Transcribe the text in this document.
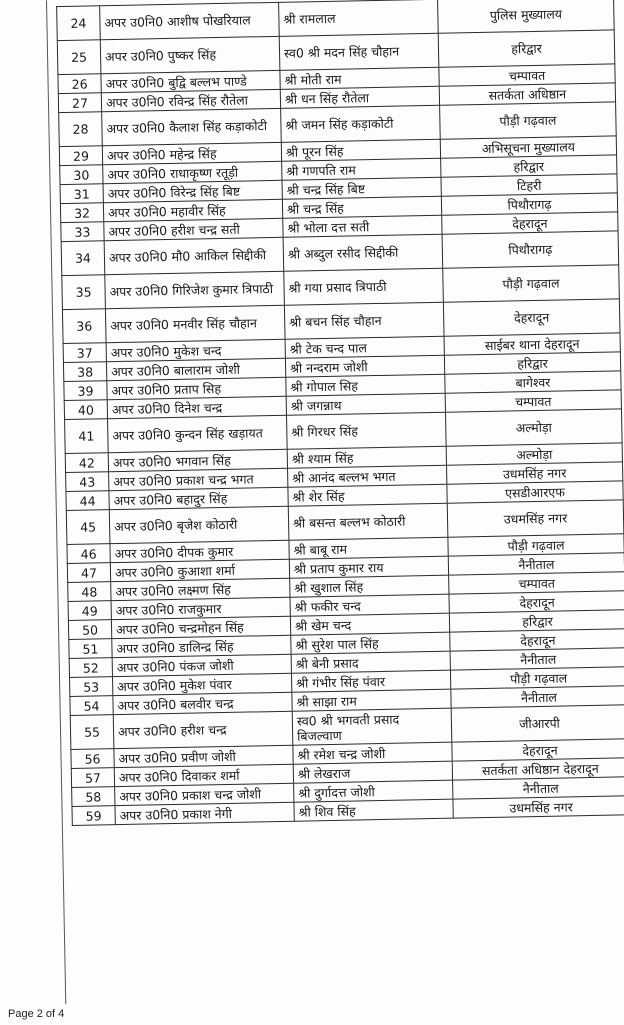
24	अपर उ0नि0 आशीष पोखरियाल	श्री रामलाल	पुलिस मुख्यालय
25	अपर उ0नि0 पुष्कर सिंह	स्व0 श्री मदन सिंह चौहान	हरिद्वार
26	अपर उ0नि0 बुद्वि बल्लभ पाण्डे	श्री मोती राम	चम्पावत
27	अपर उ0नि0 रविन्द्र सिंह रौतेला	श्री धन सिंह रौतेला	सतर्कता अधिष्ठान
28	अपर उ0नि0 कैलाश सिंह कड़ाकोटी	श्री जमन सिंह कड़ाकोटी	पौड़ी गढ़वाल
29	अपर उ0नि0 महेन्द्र सिंह	श्री पूरन सिंह	अभिसूचना मुख्यालय
30	अपर उ0नि0 राधाकृष्ण रतूड़ी	श्री गणपति राम	हरिद्वार
31	अपर उ0नि0 विरेन्द्र सिंह बिष्ट	श्री चन्द्र सिंह बिष्ट	टिहरी
32	अपर उ0नि0 महावीर सिंह	श्री चन्द्र सिंह	पिथौरागढ़
33	अपर उ0नि0 हरीश चन्द्र सती	श्री भोला दत्त सती	देहरादून
34	अपर उ0नि0 मौ0 आकिल सिद्दीकी	श्री अब्दुल रसीद सिद्दीकी	पिथौरागढ़
35	अपर उ0नि0 गिरिजेश कुमार त्रिपाठी	श्री गया प्रसाद त्रिपाठी	पौड़ी गढ़वाल
36	अपर उ0नि0 मनवीर सिंह चौहान	श्री बचन सिंह चौहान	देहरादून
37	अपर उ0नि0 मुकेश चन्द	श्री टेक चन्द पाल	साईबर थाना देहरादून
38	अपर उ0नि0 बालाराम जोशी	श्री नन्दराम जोशी	हरिद्वार
39	अपर उ0नि0 प्रताप सिह	श्री गोपाल सिह	बागेश्वर
40	अपर उ0नि0 दिनेश चन्द्र	श्री जगन्नाथ	चम्पावत
41	अपर उ0नि0 कुन्दन सिंह खड़ायत	श्री गिरधर सिंह	अल्मोड़ा
42	अपर उ0नि0 भगवान सिंह	श्री श्याम सिंह	अल्मोड़ा
43	अपर उ0नि0 प्रकाश चन्द्र भगत	श्री आनंद बल्लभ भगत	उधमसिंह नगर
44	अपर उ0नि0 बहादुर सिंह	श्री शेर सिंह	एसडीआरएफ
45	अपर उ0नि0 बृजेश कोठारी	श्री बसन्त बल्लभ कोठारी	उधमसिंह नगर
46	अपर उ0नि0 दीपक कुमार	श्री बाबू राम	पौड़ी गढ़वाल
47	अपर उ0नि0 कुआशा शर्मा	श्री प्रताप कुमार राय	नैनीताल
48	अपर उ0नि0 लक्ष्मण सिंह	श्री खुशाल सिंह	चम्पावत
49	अपर उ0नि0 राजकुमार	श्री फकीर चन्द	देहरादून
50	अपर उ0नि0 चन्द्रमोहन सिंह	श्री खेम चन्द	हरिद्वार
51	अपर उ0नि0 डालिन्द्र सिंह	श्री सुरेश पाल सिंह	देहरादून
52	अपर उ0नि0 पंकज जोशी	श्री बेनी प्रसाद	नैनीताल
53	अपर उ0नि0 मुकेश पंवार	श्री गंभीर सिंह पंवार	पौड़ी गढ़वाल
54	अपर उ0नि0 बलवीर चन्द्र	श्री साझा राम	नैनीताल
55	अपर उ0नि0 हरीश चन्द्र	स्व0 श्री भगवती प्रसाद बिजल्वाण	जीआरपी
56	अपर उ0नि0 प्रवीण जोशी	श्री रमेश चन्द्र जोशी	देहरादून
57	अपर उ0नि0 दिवाकर शर्मा	श्री लेखराज	सतर्कता अधिष्ठान देहरादून
58	अपर उ0नि0 प्रकाश चन्द्र जोशी	श्री दुर्गादत्त जोशी	नैनीताल
59	अपर उ0नि0 प्रकाश नेगी	श्री शिव सिंह	उधमसिंह नगर
Page 2 of 4
